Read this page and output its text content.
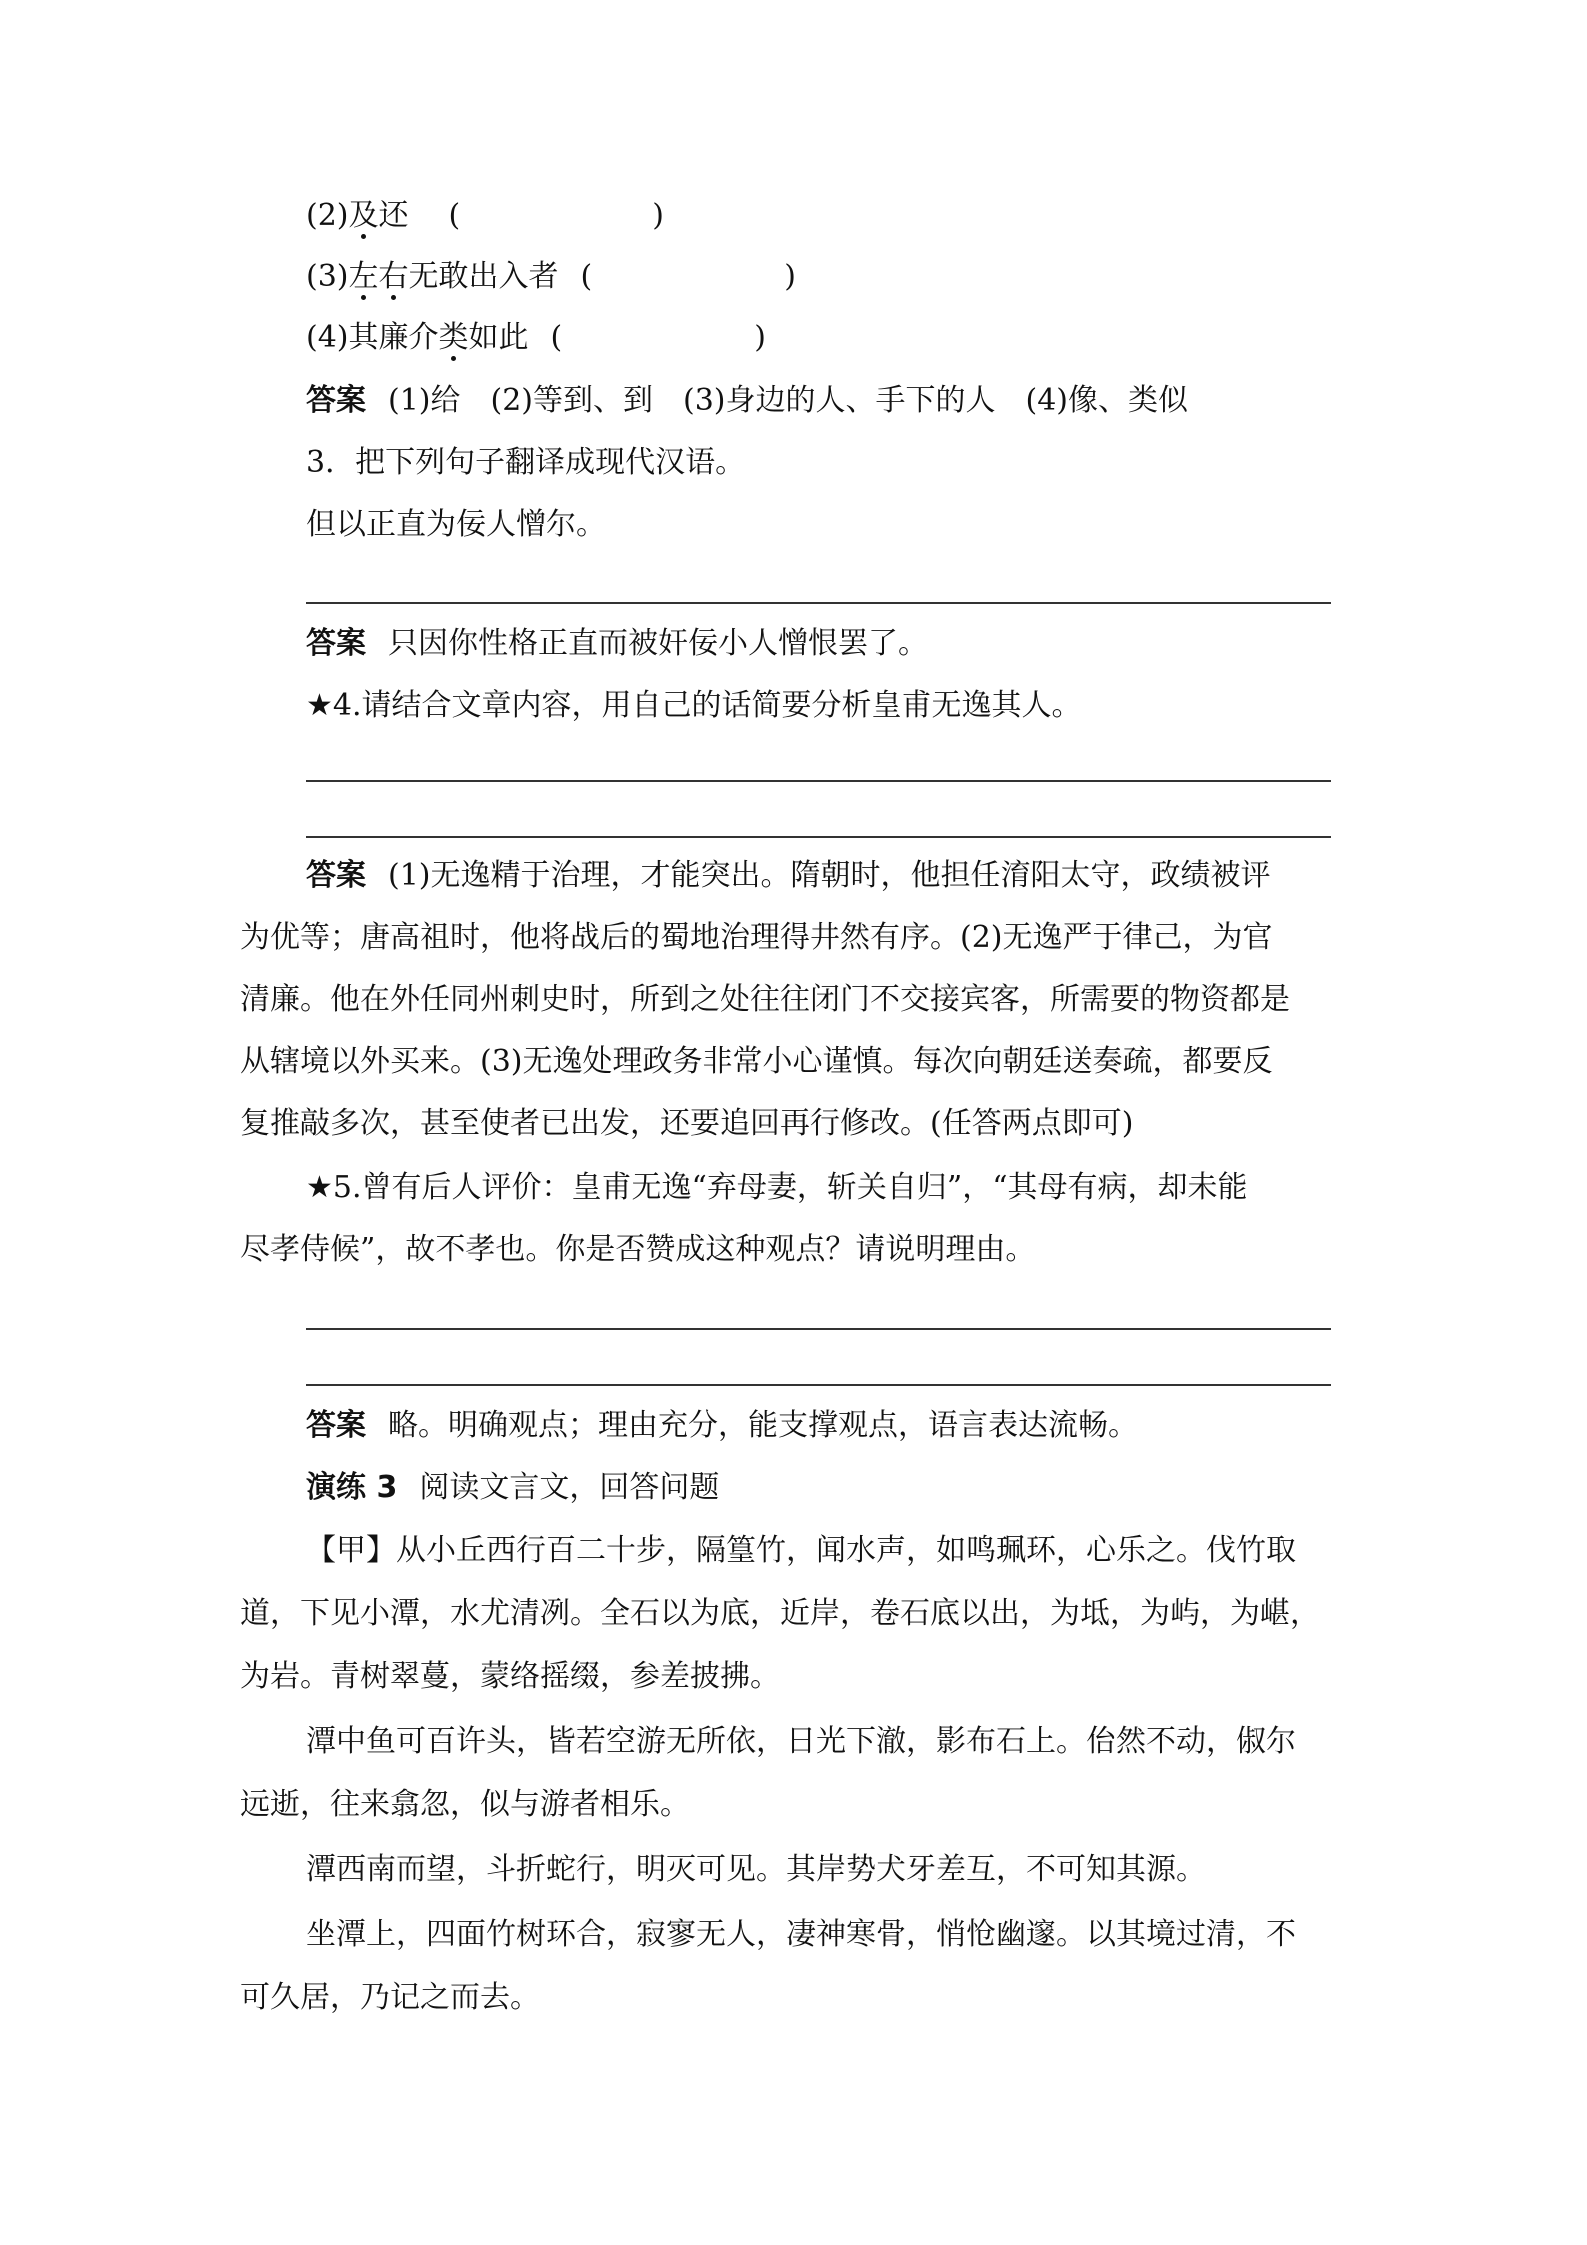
(2)及还 (	)
(3)左右无敢出入者 (	)
(4)其廉介类如此 (	)
答案 (1)给　(2)等到、到　(3)身边的人、手下的人　(4)像、类似
3．把下列句子翻译成现代汉语。
但以正直为佞人憎尔。
答案 只因你性格正直而被奸佞小人憎恨罢了。
★4.请结合文章内容，用自己的话简要分析皇甫无逸其人。
答案 (1)无逸精于治理，才能突出。隋朝时，他担任淯阳太守，政绩被评
为优等；唐高祖时，他将战后的蜀地治理得井然有序。(2)无逸严于律己，为官
清廉。他在外任同州刺史时，所到之处往往闭门不交接宾客，所需要的物资都是
从辖境以外买来。(3)无逸处理政务非常小心谨慎。每次向朝廷送奏疏，都要反
复推敲多次，甚至使者已出发，还要追回再行修改。(任答两点即可)
★5.曾有后人评价：皇甫无逸“弃母妻，斩关自归”，“其母有病，却未能
尽孝侍候”，故不孝也。你是否赞成这种观点？请说明理由。
答案 略。明确观点；理由充分，能支撑观点，语言表达流畅。
演练 3 阅读文言文，回答问题
【甲】从小丘西行百二十步，隔篁竹，闻水声，如鸣珮环，心乐之。伐竹取
道，下见小潭，水尤清冽。全石以为底，近岸，卷石底以出，为坻，为屿，为嵁，
为岩。青树翠蔓，蒙络摇缀，参差披拂。
潭中鱼可百许头，皆若空游无所依，日光下澈，影布石上。佁然不动，俶尔
远逝，往来翕忽，似与游者相乐。
潭西南而望，斗折蛇行，明灭可见。其岸势犬牙差互，不可知其源。
坐潭上，四面竹树环合，寂寥无人，凄神寒骨，悄怆幽邃。以其境过清，不
可久居，乃记之而去。
